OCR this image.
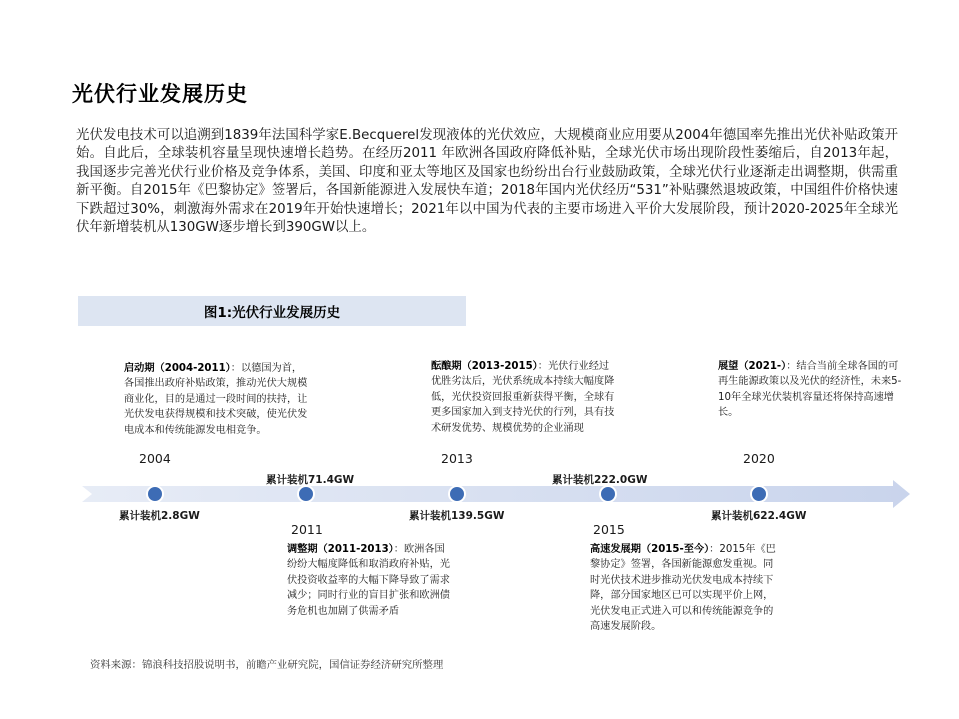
光伏行业发展历史

光伏发电技术可以追溯到1839年法国科学家E.Becquerel发现液体的光伏效应，大规模商业应用要从2004年德国率先推出光伏补贴政策开始。自此后，全球装机容量呈现快速增长趋势。在经历2011 年欧洲各国政府降低补贴，全球光伏市场出现阶段性萎缩后，自2013年起，我国逐步完善光伏行业价格及竞争体系，美国、印度和亚太等地区及国家也纷纷出台行业鼓励政策，全球光伏行业逐渐走出调整期，供需重新平衡。自2015年《巴黎协定》签署后，各国新能源进入发展快车道；2018年国内光伏经历“531”补贴骤然退坡政策，中国组件价格快速下跌超过30%，刺激海外需求在2019年开始快速增长；2021年以中国为代表的主要市场进入平价大发展阶段，预计2020-2025年全球光伏年新增装机从130GW逐步增长到390GW以上。

图1:光伏行业发展历史

启动期（2004-2011）：以德国为首，各国推出政府补贴政策，推动光伏大规模商业化，目的是通过一段时间的扶持，让光伏发电获得规模和技术突破，使光伏发电成本和传统能源发电相竞争。

调整期（2011-2013）：欧洲各国纷纷大幅度降低和取消政府补贴，光伏投资收益率的大幅下降导致了需求减少；同时行业的盲目扩张和欧洲债务危机也加剧了供需矛盾

酝酿期（2013-2015）：光伏行业经过优胜劣汰后，光伏系统成本持续大幅度降低，光伏投资回报重新获得平衡，全球有更多国家加入到支持光伏的行列，具有技术研发优势、规模优势的企业涌现

高速发展期（2015-至今）：2015年《巴黎协定》签署，各国新能源愈发重视。同时光伏技术进步推动光伏发电成本持续下降，部分国家地区已可以实现平价上网，光伏发电正式进入可以和传统能源竞争的高速发展阶段。

展望（2021-）：结合当前全球各国的可再生能源政策以及光伏的经济性，未来5-10年全球光伏装机容量还将保持高速增长。

2004
2011
2013
2015
2020
累计装机2.8GW
累计装机71.4GW
累计装机139.5GW
累计装机222.0GW
累计装机622.4GW
资料来源：锦浪科技招股说明书，前瞻产业研究院，国信证券经济研究所整理
